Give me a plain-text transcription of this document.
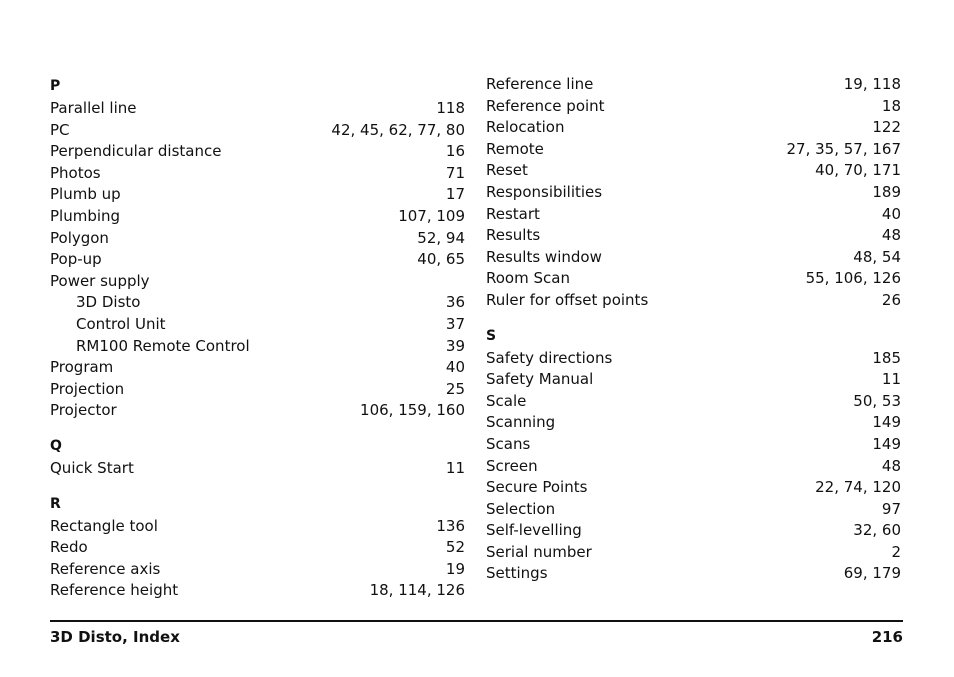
P
Parallel line	118
PC	42, 45, 62, 77, 80
Perpendicular distance	16
Photos	71
Plumb up	17
Plumbing	107, 109
Polygon	52, 94
Pop-up	40, 65
Power supply
3D Disto	36
Control Unit	37
RM100 Remote Control	39
Program	40
Projection	25
Projector	106, 159, 160
Q
Quick Start	11
R
Rectangle tool	136
Redo	52
Reference axis	19
Reference height	18, 114, 126
Reference line	19, 118
Reference point	18
Relocation	122
Remote	27, 35, 57, 167
Reset	40, 70, 171
Responsibilities	189
Restart	40
Results	48
Results window	48, 54
Room Scan	55, 106, 126
Ruler for offset points	26
S
Safety directions	185
Safety Manual	11
Scale	50, 53
Scanning	149
Scans	149
Screen	48
Secure Points	22, 74, 120
Selection	97
Self-levelling	32, 60
Serial number	2
Settings	69, 179
3D Disto, Index	216
